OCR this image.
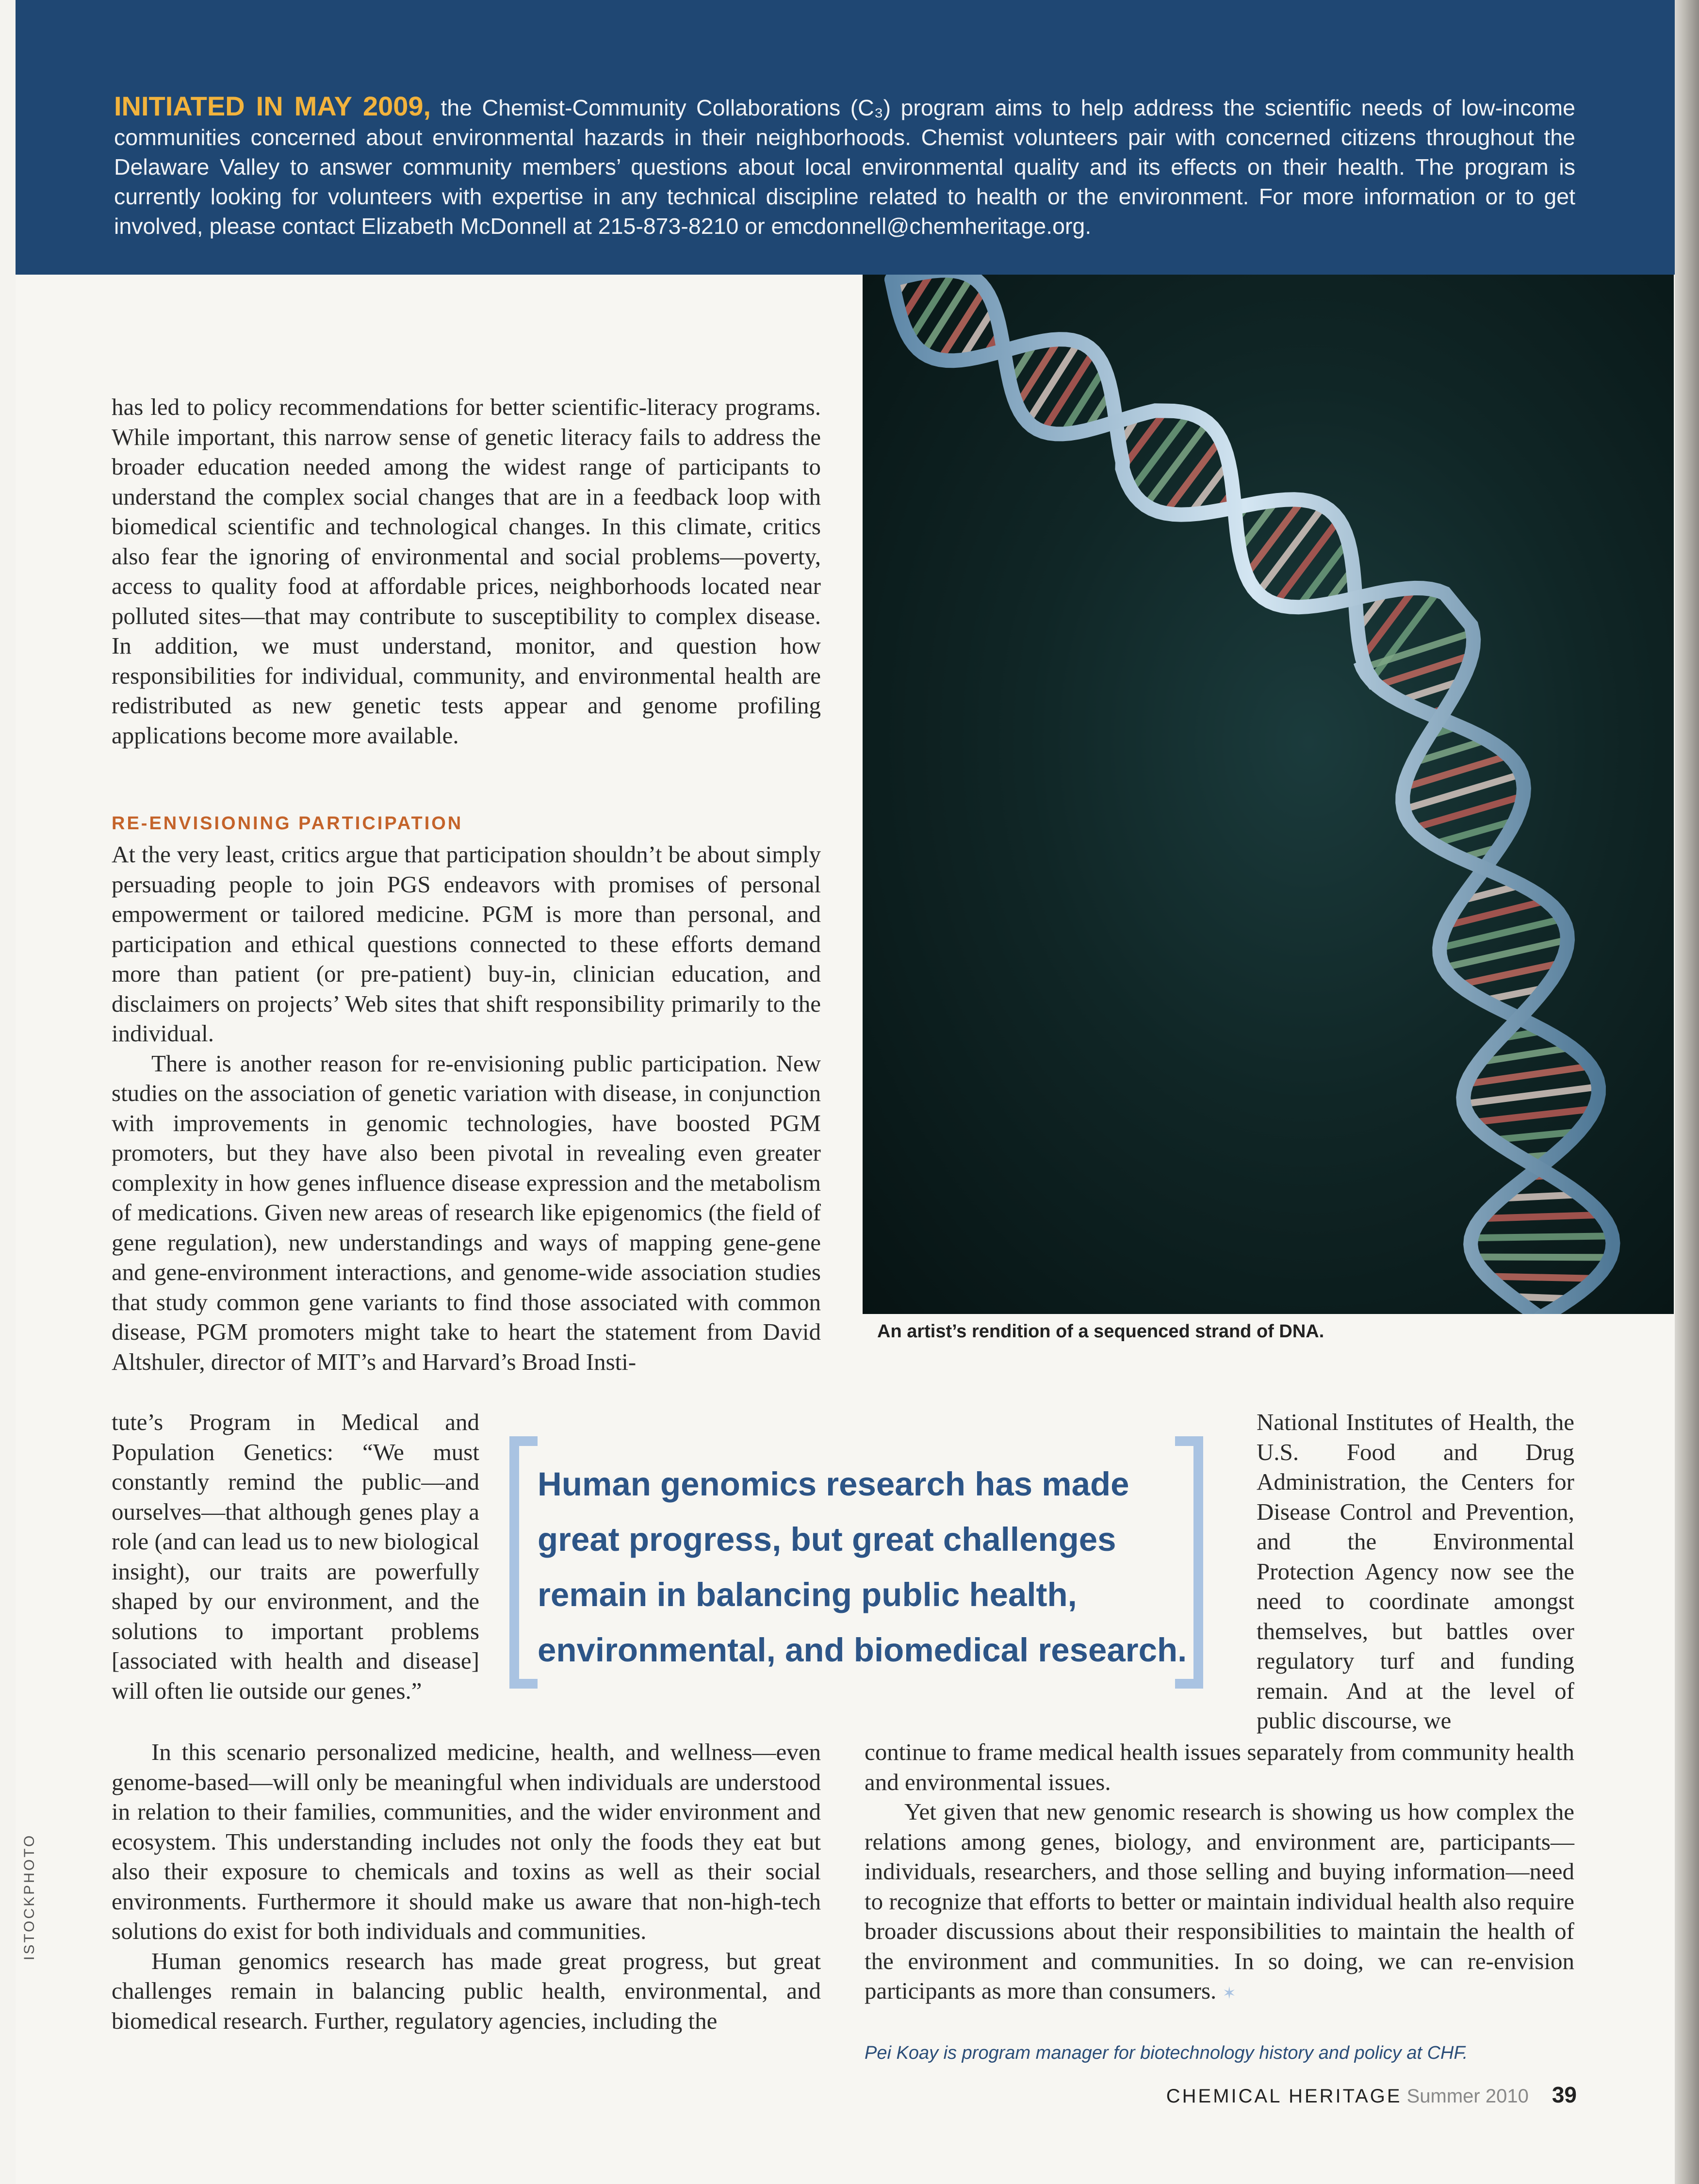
INITIATED IN MAY 2009, the Chemist-Community Collaborations (C₃) program aims to help address the scientific needs of low-income communities concerned about environmental hazards in their neighborhoods. Chemist volunteers pair with concerned citizens throughout the Delaware Valley to answer community members’ questions about local environmental quality and its effects on their health. The program is currently looking for volunteers with expertise in any technical discipline related to health or the environment. For more information or to get involved, please contact Elizabeth McDonnell at 215-873-8210 or emcdonnell@chemheritage.org.

has led to policy recommendations for better scientific-literacy programs. While important, this narrow sense of genetic literacy fails to address the broader education needed among the widest range of participants to understand the complex social changes that are in a feedback loop with biomedical scientific and technological changes. In this climate, critics also fear the ignoring of environmental and social problems—poverty, access to quality food at affordable prices, neighborhoods located near polluted sites—that may contribute to susceptibility to complex disease. In addition, we must understand, monitor, and question how responsibilities for individual, community, and environmental health are redistributed as new genetic tests appear and genome profiling applications become more available.

RE-ENVISIONING PARTICIPATION

At the very least, critics argue that participation shouldn’t be about simply persuading people to join PGS endeavors with promises of personal empowerment or tailored medicine. PGM is more than personal, and participation and ethical questions connected to these efforts demand more than patient (or pre-patient) buy-in, clinician education, and disclaimers on projects’ Web sites that shift responsibility primarily to the individual.

There is another reason for re-envisioning public participation. New studies on the association of genetic variation with disease, in conjunction with improvements in genomic technologies, have boosted PGM promoters, but they have also been pivotal in revealing even greater complexity in how genes influence disease expression and the metabolism of medications. Given new areas of research like epigenomics (the field of gene regulation), new understandings and ways of mapping gene-gene and gene-environment interactions, and genome-wide association studies that study common gene variants to find those associated with common disease, PGM promoters might take to heart the statement from David Altshuler, director of MIT’s and Harvard’s Broad Insti-

tute’s Program in Medical and Population Genetics: “We must constantly remind the public—and ourselves—that although genes play a role (and can lead us to new biological insight), our traits are powerfully shaped by our environment, and the solutions to important problems [associated with health and disease] will often lie outside our genes.”

In this scenario personalized medicine, health, and wellness—even genome-based—will only be meaningful when individuals are understood in relation to their families, communities, and the wider environment and ecosystem. This understanding includes not only the foods they eat but also their exposure to chemicals and toxins as well as their social environments. Furthermore it should make us aware that non-high-tech solutions do exist for both individuals and communities.

Human genomics research has made great progress, but great challenges remain in balancing public health, environmental, and biomedical research. Further, regulatory agencies, including the

National Institutes of Health, the U.S. Food and Drug Administration, the Centers for Disease Control and Prevention, and the Environmental Protection Agency now see the need to coordinate amongst themselves, but battles over regulatory turf and funding remain. And at the level of public discourse, we

continue to frame medical health issues separately from community health and environmental issues.

Yet given that new genomic research is showing us how complex the relations among genes, biology, and environment are, participants—individuals, researchers, and those selling and buying information—need to recognize that efforts to better or maintain individual health also require broader discussions about their responsibilities to maintain the health of the environment and communities. In so doing, we can re-envision participants as more than consumers. ✶

An artist’s rendition of a sequenced strand of DNA.
ISTOCKPHOTO

Human genomics research has made great progress, but great challenges remain in balancing public health, environmental, and biomedical research.

Pei Koay is program manager for biotechnology history and policy at CHF.
CHEMICAL HERITAGE Summer 2010 39
